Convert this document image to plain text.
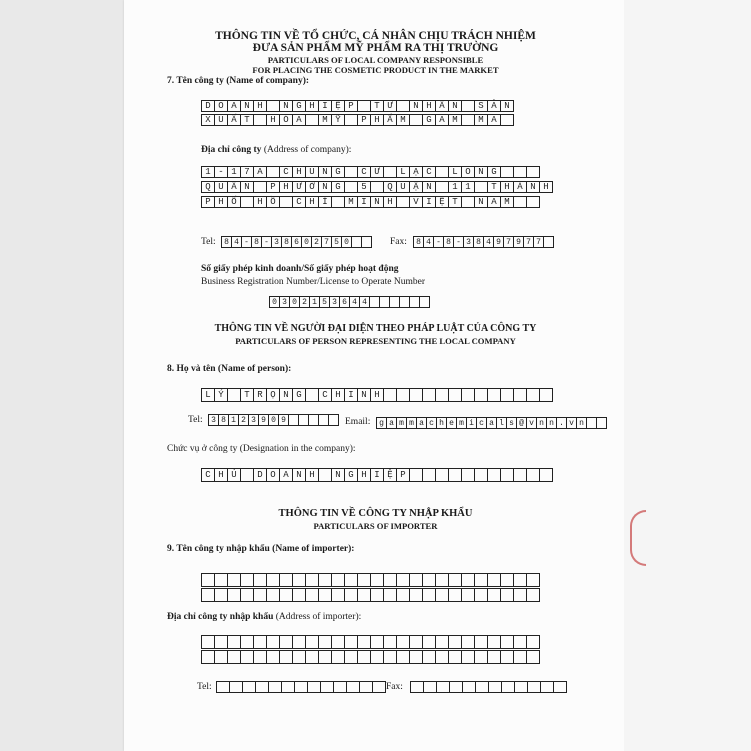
THÔNG TIN VỀ TỔ CHỨC, CÁ NHÂN CHỊU TRÁCH NHIỆM
ĐƯA SẢN PHẨM MỸ PHẨM RA THỊ TRƯỜNG
PARTICULARS OF LOCAL COMPANY RESPONSIBLE
FOR PLACING THE COSMETIC PRODUCT IN THE MARKET
7. Tên công ty (Name of company):
D O A N H	N G H I Ệ P	T Ư	N H Â N	S Ả N
X U Ấ T	H Ó A	M Ỹ	P H Ẩ M	G A M	M A
Địa chỉ công ty (Address of company):
1 - 1 7 A	C H U N G	C Ư	L Ạ C	L O N G
Q U Â N	P H Ư Ờ N G	5	Q U Ậ N	1 1	T H À N H
P H Ố	H Ồ	C H Í	M I N H	V I Ệ T	N A M
Tel:	8 4 - 8 - 3 8 6 0 2 7 5 0	Fax:	8 4 - 8 - 3 8 4 9 7 9 7 7
Số giấy phép kinh doanh/Số giấy phép hoạt động
Business Registration Number/License to Operate Number
0 3 0 2 1 5 3 6 4 4
THÔNG TIN VỀ NGƯỜI ĐẠI DIỆN THEO PHÁP LUẬT CỦA CÔNG TY
PARTICULARS OF PERSON REPRESENTING THE LOCAL COMPANY
8. Họ và tên (Name of person):
L Ý	T R Ọ N G	C H I N H
Tel:	3 8 1 2 3 9 0 9	Email:	g a m m a c h e m i c a l s @ v n n . v n
Chức vụ ở công ty (Designation in the company):
C H Ủ	D O A N H	N G H I Ệ P
THÔNG TIN VỀ CÔNG TY NHẬP KHẨU
PARTICULARS OF IMPORTER
9. Tên công ty nhập khẩu (Name of importer):
Địa chỉ công ty nhập khẩu (Address of importer):
Tel:	Fax:
